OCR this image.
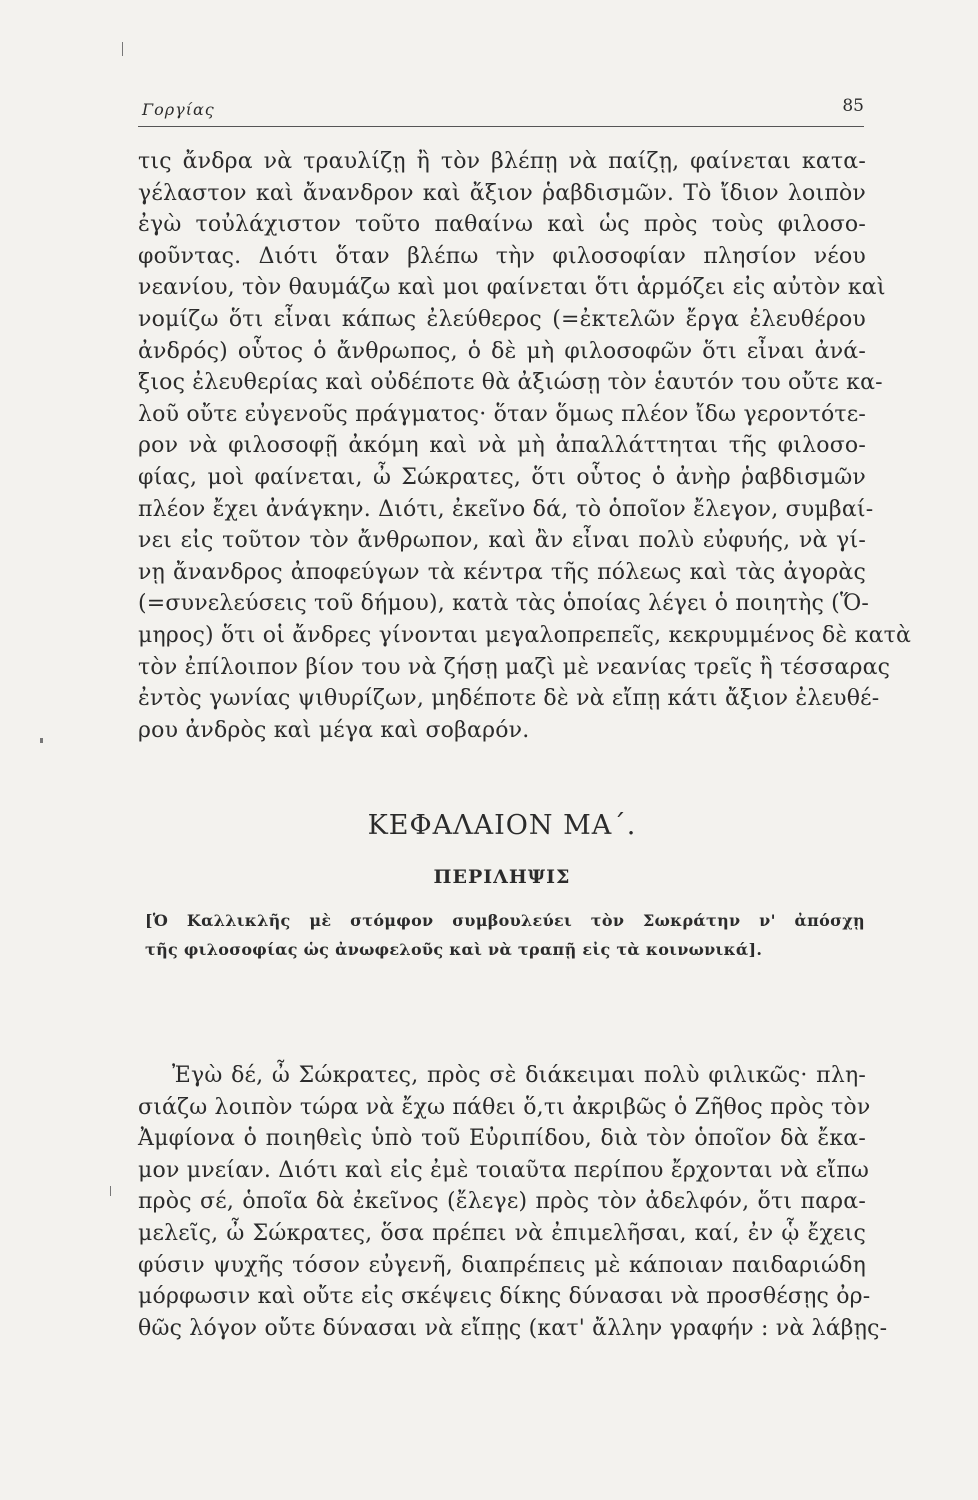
Γοργίας	85
τις ἄνδρα νὰ τραυλίζῃ ἢ τὸν βλέπῃ νὰ παίζῃ, φαίνεται κατα-
γέλαστον καὶ ἄνανδρον καὶ ἄξιον ῥαβδισμῶν. Τὸ ἴδιον λοιπὸν
ἐγὼ τοὐλάχιστον τοῦτο παθαίνω καὶ ὡς πρὸς τοὺς φιλοσο-
φοῦντας. Διότι ὅταν βλέπω τὴν φιλοσοφίαν πλησίον νέου
νεανίου, τὸν θαυμάζω καὶ μοι φαίνεται ὅτι ἁρμόζει εἰς αὐτὸν καὶ
νομίζω ὅτι εἶναι κάπως ἐλεύθερος (=ἐκτελῶν ἔργα ἐλευθέρου
ἀνδρός) οὗτος ὁ ἄνθρωπος, ὁ δὲ μὴ φιλοσοφῶν ὅτι εἶναι ἀνά-
ξιος ἐλευθερίας καὶ οὐδέποτε θὰ ἀξιώσῃ τὸν ἑαυτόν του οὔτε κα-
λοῦ οὔτε εὐγενοῦς πράγματος· ὅταν ὅμως πλέον ἴδω γεροντότε-
ρον νὰ φιλοσοφῇ ἀκόμη καὶ νὰ μὴ ἀπαλλάττηται τῆς φιλοσο-
φίας, μοὶ φαίνεται, ὦ Σώκρατες, ὅτι οὗτος ὁ ἀνὴρ ῥαβδισμῶν
πλέον ἔχει ἀνάγκην. Διότι, ἐκεῖνο δά, τὸ ὁποῖον ἔλεγον, συμβαί-
νει εἰς τοῦτον τὸν ἄνθρωπον, καὶ ἂν εἶναι πολὺ εὐφυής, νὰ γί-
νῃ ἄνανδρος ἀποφεύγων τὰ κέντρα τῆς πόλεως καὶ τὰς ἀγορὰς
(=συνελεύσεις τοῦ δήμου), κατὰ τὰς ὁποίας λέγει ὁ ποιητὴς (Ὅ-
μηρος) ὅτι οἱ ἄνδρες γίνονται μεγαλοπρεπεῖς, κεκρυμμένος δὲ κατὰ
τὸν ἐπίλοιπον βίον του νὰ ζήσῃ μαζὶ μὲ νεανίας τρεῖς ἢ τέσσαρας
ἐντὸς γωνίας ψιθυρίζων, μηδέποτε δὲ νὰ εἴπῃ κάτι ἄξιον ἐλευθέ-
ρου ἀνδρὸς καὶ μέγα καὶ σοβαρόν.
ΚΕΦΑΛΑΙΟΝ ΜΑ΄.
ΠΕΡΙΛΗΨΙΣ
[Ὁ Καλλικλῆς μὲ στόμφον συμβουλεύει τὸν Σωκράτην ν' ἀπόσχῃ
τῆς φιλοσοφίας ὡς ἀνωφελοῦς καὶ νὰ τραπῇ εἰς τὰ κοινωνικά].
Ἐγὼ δέ, ὦ Σώκρατες, πρὸς σὲ διάκειμαι πολὺ φιλικῶς· πλη-
σιάζω λοιπὸν τώρα νὰ ἔχω πάθει ὅ,τι ἀκριβῶς ὁ Ζῆθος πρὸς τὸν
Ἀμφίονα ὁ ποιηθεὶς ὑπὸ τοῦ Εὐριπίδου, διὰ τὸν ὁποῖον δὰ ἔκα-
μον μνείαν. Διότι καὶ εἰς ἐμὲ τοιαῦτα περίπου ἔρχονται νὰ εἴπω
πρὸς σέ, ὁποῖα δὰ ἐκεῖνος (ἔλεγε) πρὸς τὸν ἀδελφόν, ὅτι παρα-
μελεῖς, ὦ Σώκρατες, ὅσα πρέπει νὰ ἐπιμελῆσαι, καί, ἐν ᾧ ἔχεις
φύσιν ψυχῆς τόσον εὐγενῆ, διαπρέπεις μὲ κάποιαν παιδαριώδη
μόρφωσιν καὶ οὔτε εἰς σκέψεις δίκης δύνασαι νὰ προσθέσῃς ὀρ-
θῶς λόγον οὔτε δύνασαι νὰ εἴπῃς (κατ' ἄλλην γραφήν : νὰ λάβῃς-
